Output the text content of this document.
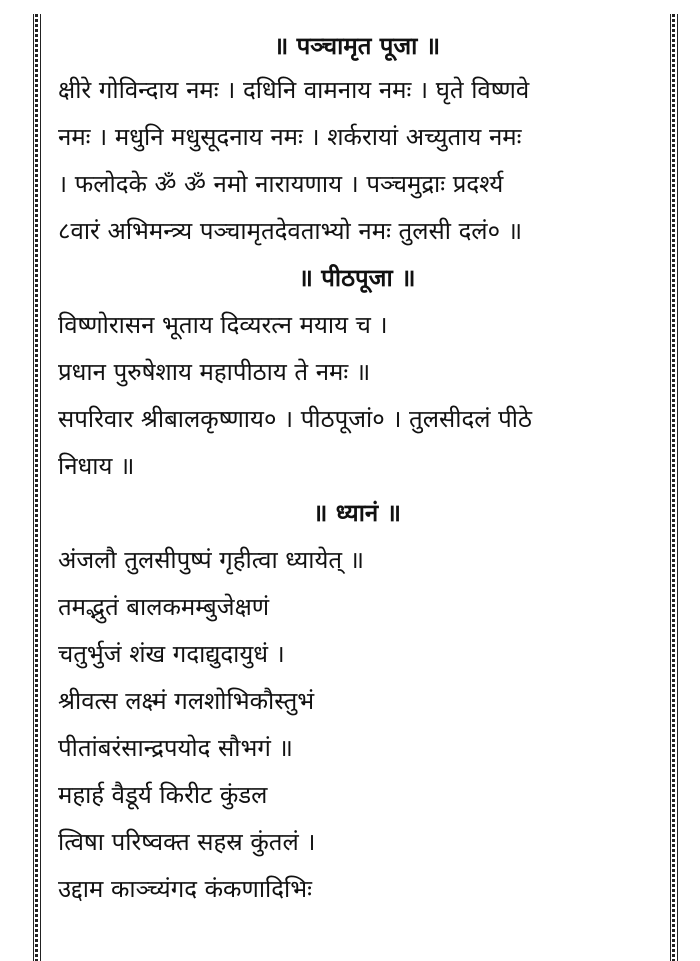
॥ पञ्चामृत पूजा ॥
क्षीरे गोविन्दाय नमः । दधिनि वामनाय नमः । घृते विष्णवे
नमः । मधुनि मधुसूदनाय नमः । शर्करायां अच्युताय नमः
। फलोदके ॐ ॐ नमो नारायणाय । पञ्चमुद्राः प्रदर्श्य
८वारं अभिमन्त्र्य पञ्चामृतदेवताभ्यो नमः तुलसी दलं० ॥
॥ पीठपूजा ॥
विष्णोरासन भूताय दिव्यरत्न मयाय च ।
प्रधान पुरुषेशाय महापीठाय ते नमः ॥
सपरिवार श्रीबालकृष्णाय० । पीठपूजां० । तुलसीदलं पीठे
निधाय ॥
॥ ध्यानं ॥
अंजलौ तुलसीपुष्पं गृहीत्वा ध्यायेत् ॥
तमद्भुतं बालकमम्बुजेक्षणं
चतुर्भुजं शंख गदाद्युदायुधं ।
श्रीवत्स लक्ष्मं गलशोभिकौस्तुभं
पीतांबरंसान्द्रपयोद सौभगं ॥
महार्ह वैडूर्य किरीट कुंडल
त्विषा परिष्वक्त सहस्र कुंतलं ।
उद्दाम काञ्च्यंगद कंकणादिभिः
